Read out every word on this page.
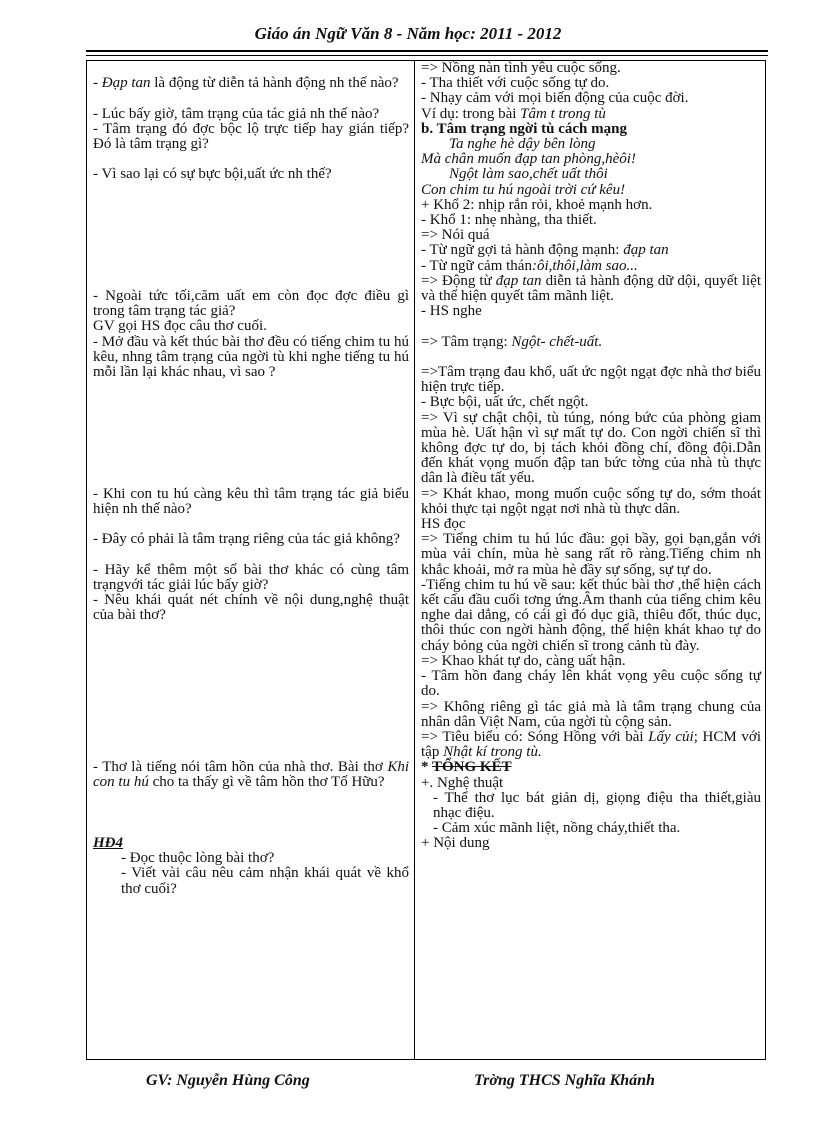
Giáo án Ngữ Văn 8 - Năm học: 2011 - 2012

- Đạp tan là động từ diễn tả hành động nh thế nào?

- Lúc bấy giờ, tâm trạng của tác giả nh thế nào?

- Tâm trạng đó đợc bộc lộ trực tiếp hay gián tiếp? Đó là tâm trạng gì?

- Vì sao lại có sự bực bội,uất ức nh thế?

- Ngoài tức tối,căm uất em còn đọc đợc điều gì trong tâm trạng tác giả?

GV gọi HS đọc câu thơ cuối.

- Mở đầu và kết thúc bài thơ đều có tiếng chim tu hú kêu, nhng tâm trạng của ngời tù khi nghe tiếng tu hú mỗi lần lại khác nhau, vì sao ?

- Khi con tu hú càng kêu thì tâm trạng tác giả biểu hiện nh thế nào?

- Đây có phải là tâm trạng riêng của tác giả không?

- Hãy kể thêm một số bài thơ khác có cùng tâm trạngvới tác giải lúc bấy giờ?

- Nêu khái quát nét chính về nội dung,nghệ thuật của bài thơ?

- Thơ là tiếng nói tâm hồn của nhà thơ. Bài thơ Khi con tu hú cho ta thấy gì về tâm hồn thơ Tố Hữu?

HĐ4

- Đọc thuộc lòng bài thơ?

- Viết vài câu nêu cảm nhận khái quát về khổ thơ cuối?

=> Nồng nàn tình yêu cuộc sống.

- Tha thiết với cuộc sống tự do.

- Nhạy cảm với mọi biến động của cuộc đời.

Ví dụ: trong bài Tâm t trong tù

b. Tâm trạng ngời tù cách mạng

Ta nghe hè dậy bên lòng

Mà chân muốn đạp tan phòng,hèôi!

Ngột làm sao,chết uất thôi

Con chim tu hú ngoài trời cứ kêu!

+ Khổ 2: nhịp rắn rỏi, khoẻ mạnh hơn.

- Khổ 1: nhẹ nhàng, tha thiết.

=> Nói quá

- Từ ngữ gợi tả hành động mạnh: đạp tan

- Từ ngữ cảm thán:ôi,thôi,làm sao...

=> Động từ đạp tan diễn tả hành động dữ dội, quyết liệt và thể hiện quyết tâm mãnh liệt.

- HS nghe

=> Tâm trạng: Ngột- chết-uất.

=>Tâm trạng đau khổ, uất ức ngột ngạt đợc nhà thơ biểu hiện trực tiếp.

- Bực bội, uất ức, chết ngột.

=> Vì sự chật chội, tù túng, nóng bức của phòng giam mùa hè. Uất hận vì sự mất tự do. Con ngời chiến sĩ thì không đợc tự do, bị tách khỏi đồng chí, đồng đội.Dẫn đến khát vọng muốn đập tan bức tờng của nhà tù thực dân là điều tất yếu.

=> Khát khao, mong muốn cuộc sống tự do, sớm thoát khỏi thực tại ngột ngạt nơi nhà tù thực dân.

HS đọc

=> Tiếng chim tu hú lúc đầu: gọi bầy, gọi bạn,gắn với mùa vải chín, mùa hè sang rất rõ ràng.Tiếng chim nh khắc khoải, mở ra mùa hè đầy sự sống, sự tự do.

-Tiếng chim tu hú về sau: kết thúc bài thơ ,thể hiện cách kết cấu đầu cuối tơng ứng.Âm thanh của tiếng chim kêu nghe dai dẳng, có cái gì đó dục giã, thiêu đốt, thúc dục, thôi thúc con ngời hành động, thể hiện khát khao tự do cháy bỏng của ngời chiến sĩ trong cảnh tù đày.

=> Khao khát tự do, càng uất hận.

- Tâm hồn đang cháy lên khát vọng yêu cuộc sống tự do.

=> Không riêng gì tác giả mà là tâm trạng chung của nhân dân Việt Nam, của ngời tù cộng sản.

=> Tiêu biểu có: Sóng Hồng với bài Lấy củi; HCM với tập Nhật kí trong tù.

* TỔNG KẾT

+. Nghệ thuật

- Thể thơ lục bát giản dị, giọng điệu tha thiết,giàu nhạc điệu.

- Cảm xúc mãnh liệt, nồng cháy,thiết tha.

+ Nội dung

GV: Nguyễn Hùng Công	Trờng THCS Nghĩa Khánh
